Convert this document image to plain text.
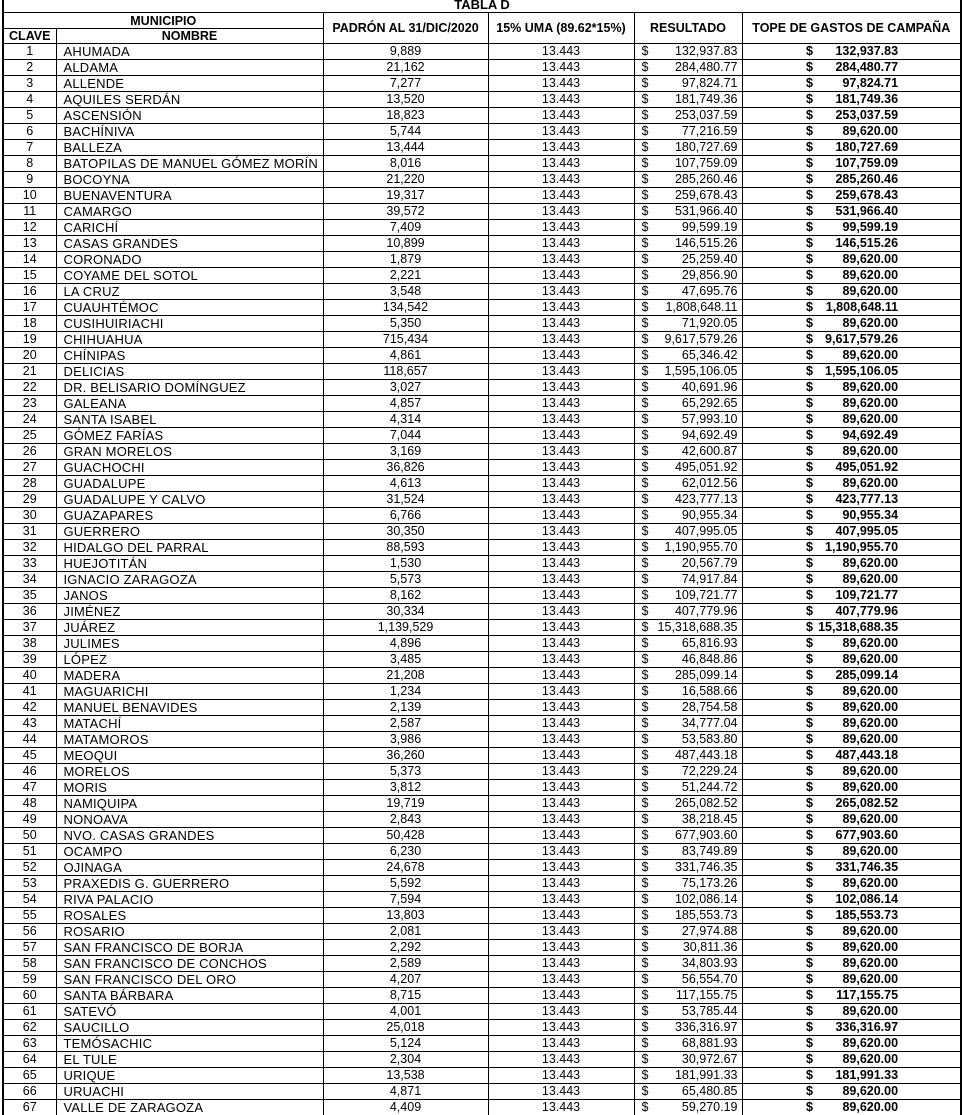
TABLA D					

MUNICIPIO		PADRÓN AL 31/DIC/2020	15% UMA (89.62*15%)	RESULTADO	TOPE DE GASTOS DE CAMPAÑA
CLAVE	NOMBRE				
1	AHUMADA	9,889	13.443	$ 132,937.83	$ 132,937.83

2	ALDAMA	21,162	13.443	$ 284,480.77	$ 284,480.77

3	ALLENDE	7,277	13.443	$ 97,824.71	$ 97,824.71

4	AQUILES SERDÁN	13,520	13.443	$ 181,749.36	$ 181,749.36

5	ASCENSIÓN	18,823	13.443	$ 253,037.59	$ 253,037.59

6	BACHÍNIVA	5,744	13.443	$ 77,216.59	$ 89,620.00

7	BALLEZA	13,444	13.443	$ 180,727.69	$ 180,727.69

8	BATOPILAS DE MANUEL GÓMEZ MORÍN	8,016	13.443	$ 107,759.09	$ 107,759.09

9	BOCOYNA	21,220	13.443	$ 285,260.46	$ 285,260.46

10	BUENAVENTURA	19,317	13.443	$ 259,678.43	$ 259,678.43

11	CAMARGO	39,572	13.443	$ 531,966.40	$ 531,966.40

12	CARICHÍ	7,409	13.443	$ 99,599.19	$ 99,599.19

13	CASAS GRANDES	10,899	13.443	$ 146,515.26	$ 146,515.26

14	CORONADO	1,879	13.443	$ 25,259.40	$ 89,620.00

15	COYAME DEL SOTOL	2,221	13.443	$ 29,856.90	$ 89,620.00

16	LA CRUZ	3,548	13.443	$ 47,695.76	$ 89,620.00

17	CUAUHTÉMOC	134,542	13.443	$ 1,808,648.11	$ 1,808,648.11

18	CUSIHUIRIACHI	5,350	13.443	$ 71,920.05	$ 89,620.00

19	CHIHUAHUA	715,434	13.443	$ 9,617,579.26	$ 9,617,579.26

20	CHÍNIPAS	4,861	13.443	$ 65,346.42	$ 89,620.00

21	DELICIAS	118,657	13.443	$ 1,595,106.05	$ 1,595,106.05

22	DR. BELISARIO DOMÍNGUEZ	3,027	13.443	$ 40,691.96	$ 89,620.00

23	GALEANA	4,857	13.443	$ 65,292.65	$ 89,620.00

24	SANTA ISABEL	4,314	13.443	$ 57,993.10	$ 89,620.00

25	GÓMEZ FARÍAS	7,044	13.443	$ 94,692.49	$ 94,692.49

26	GRAN MORELOS	3,169	13.443	$ 42,600.87	$ 89,620.00

27	GUACHOCHI	36,826	13.443	$ 495,051.92	$ 495,051.92

28	GUADALUPE	4,613	13.443	$ 62,012.56	$ 89,620.00

29	GUADALUPE Y CALVO	31,524	13.443	$ 423,777.13	$ 423,777.13

30	GUAZAPARES	6,766	13.443	$ 90,955.34	$ 90,955.34

31	GUERRERO	30,350	13.443	$ 407,995.05	$ 407,995.05

32	HIDALGO DEL PARRAL	88,593	13.443	$ 1,190,955.70	$ 1,190,955.70

33	HUEJOTITÁN	1,530	13.443	$ 20,567.79	$ 89,620.00

34	IGNACIO ZARAGOZA	5,573	13.443	$ 74,917.84	$ 89,620.00

35	JANOS	8,162	13.443	$ 109,721.77	$ 109,721.77

36	JIMÉNEZ	30,334	13.443	$ 407,779.96	$ 407,779.96

37	JUÁREZ	1,139,529	13.443	$ 15,318,688.35	$ 15,318,688.35

38	JULIMES	4,896	13.443	$ 65,816.93	$ 89,620.00

39	LÓPEZ	3,485	13.443	$ 46,848.86	$ 89,620.00

40	MADERA	21,208	13.443	$ 285,099.14	$ 285,099.14

41	MAGUARICHI	1,234	13.443	$ 16,588.66	$ 89,620.00

42	MANUEL BENAVIDES	2,139	13.443	$ 28,754.58	$ 89,620.00

43	MATACHÍ	2,587	13.443	$ 34,777.04	$ 89,620.00

44	MATAMOROS	3,986	13.443	$ 53,583.80	$ 89,620.00

45	MEOQUI	36,260	13.443	$ 487,443.18	$ 487,443.18

46	MORELOS	5,373	13.443	$ 72,229.24	$ 89,620.00

47	MORIS	3,812	13.443	$ 51,244.72	$ 89,620.00

48	NAMIQUIPA	19,719	13.443	$ 265,082.52	$ 265,082.52

49	NONOAVA	2,843	13.443	$ 38,218.45	$ 89,620.00

50	NVO. CASAS GRANDES	50,428	13.443	$ 677,903.60	$ 677,903.60

51	OCAMPO	6,230	13.443	$ 83,749.89	$ 89,620.00

52	OJINAGA	24,678	13.443	$ 331,746.35	$ 331,746.35

53	PRAXEDIS G. GUERRERO	5,592	13.443	$ 75,173.26	$ 89,620.00

54	RIVA PALACIO	7,594	13.443	$ 102,086.14	$ 102,086.14

55	ROSALES	13,803	13.443	$ 185,553.73	$ 185,553.73

56	ROSARIO	2,081	13.443	$ 27,974.88	$ 89,620.00

57	SAN FRANCISCO DE BORJA	2,292	13.443	$ 30,811.36	$ 89,620.00

58	SAN FRANCISCO DE CONCHOS	2,589	13.443	$ 34,803.93	$ 89,620.00

59	SAN FRANCISCO DEL ORO	4,207	13.443	$ 56,554.70	$ 89,620.00

60	SANTA BÁRBARA	8,715	13.443	$ 117,155.75	$ 117,155.75

61	SATEVÓ	4,001	13.443	$ 53,785.44	$ 89,620.00

62	SAUCILLO	25,018	13.443	$ 336,316.97	$ 336,316.97

63	TEMÓSACHIC	5,124	13.443	$ 68,881.93	$ 89,620.00

64	EL TULE	2,304	13.443	$ 30,972.67	$ 89,620.00

65	URIQUE	13,538	13.443	$ 181,991.33	$ 181,991.33

66	URUACHI	4,871	13.443	$ 65,480.85	$ 89,620.00

67	VALLE DE ZARAGOZA	4,409	13.443	$ 59,270.19	$ 89,620.00
